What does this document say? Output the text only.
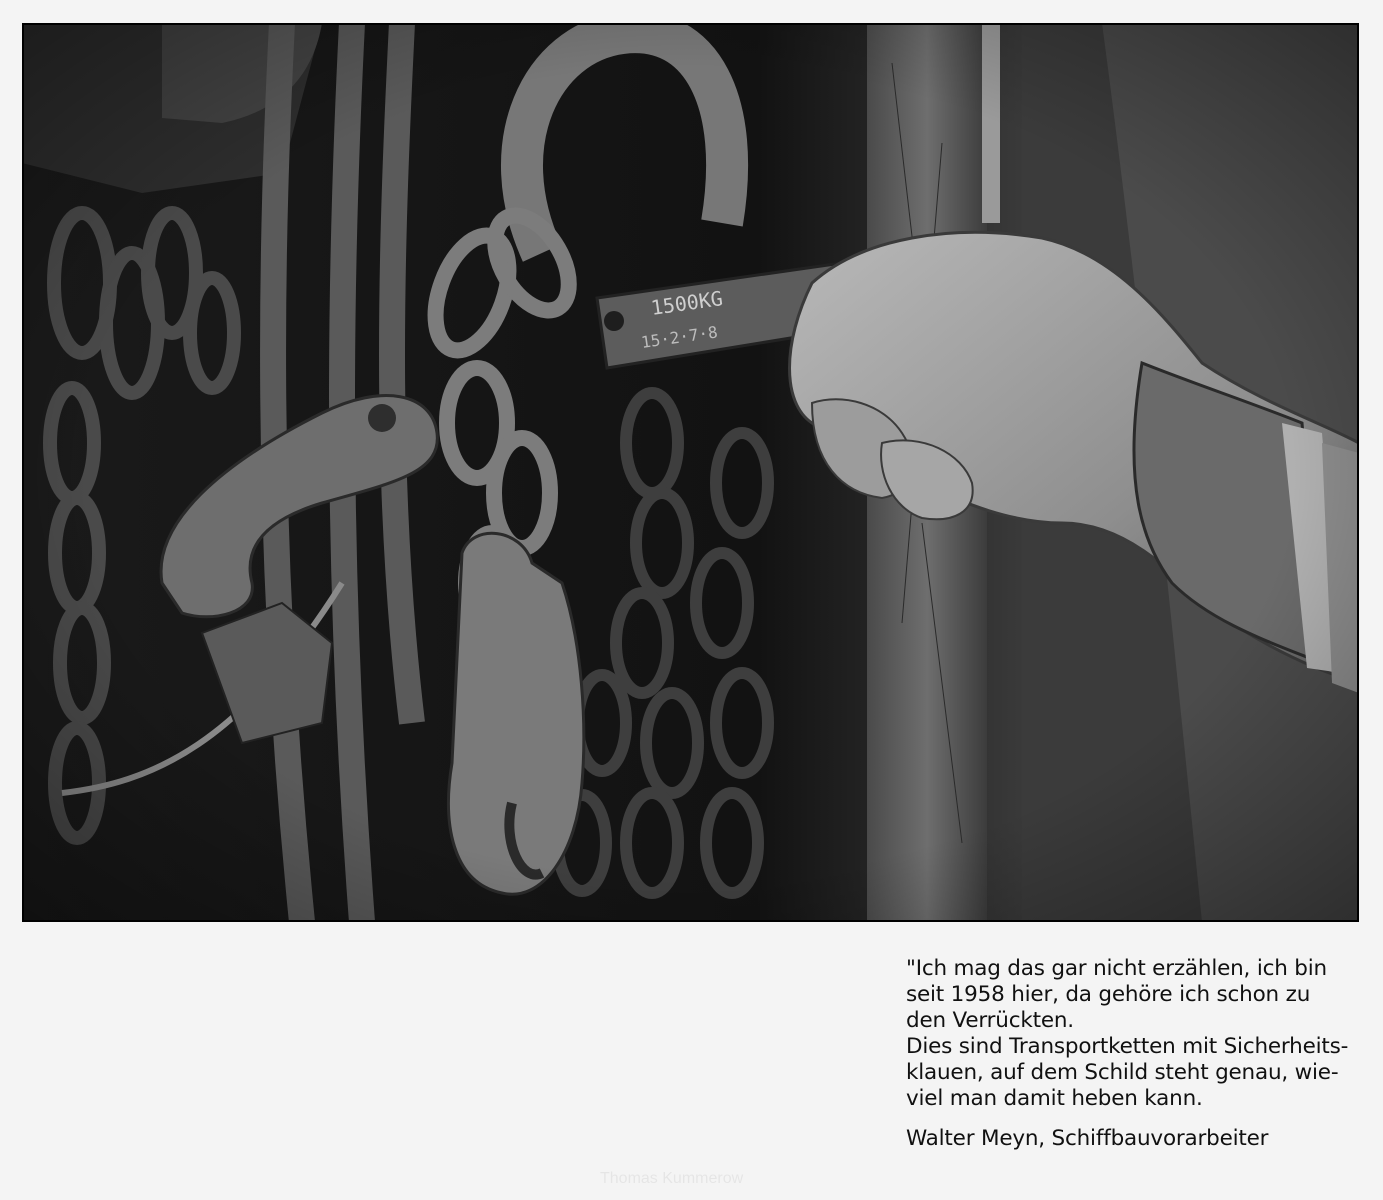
"Ich mag das gar nicht erzählen, ich bin
seit 1958 hier, da gehöre ich schon zu
den Verrückten.
Dies sind Transportketten mit Sicherheits-
klauen, auf dem Schild steht genau, wie-
viel man damit heben kann.
Walter Meyn, Schiffbauvorarbeiter
Thomas Kummerow
